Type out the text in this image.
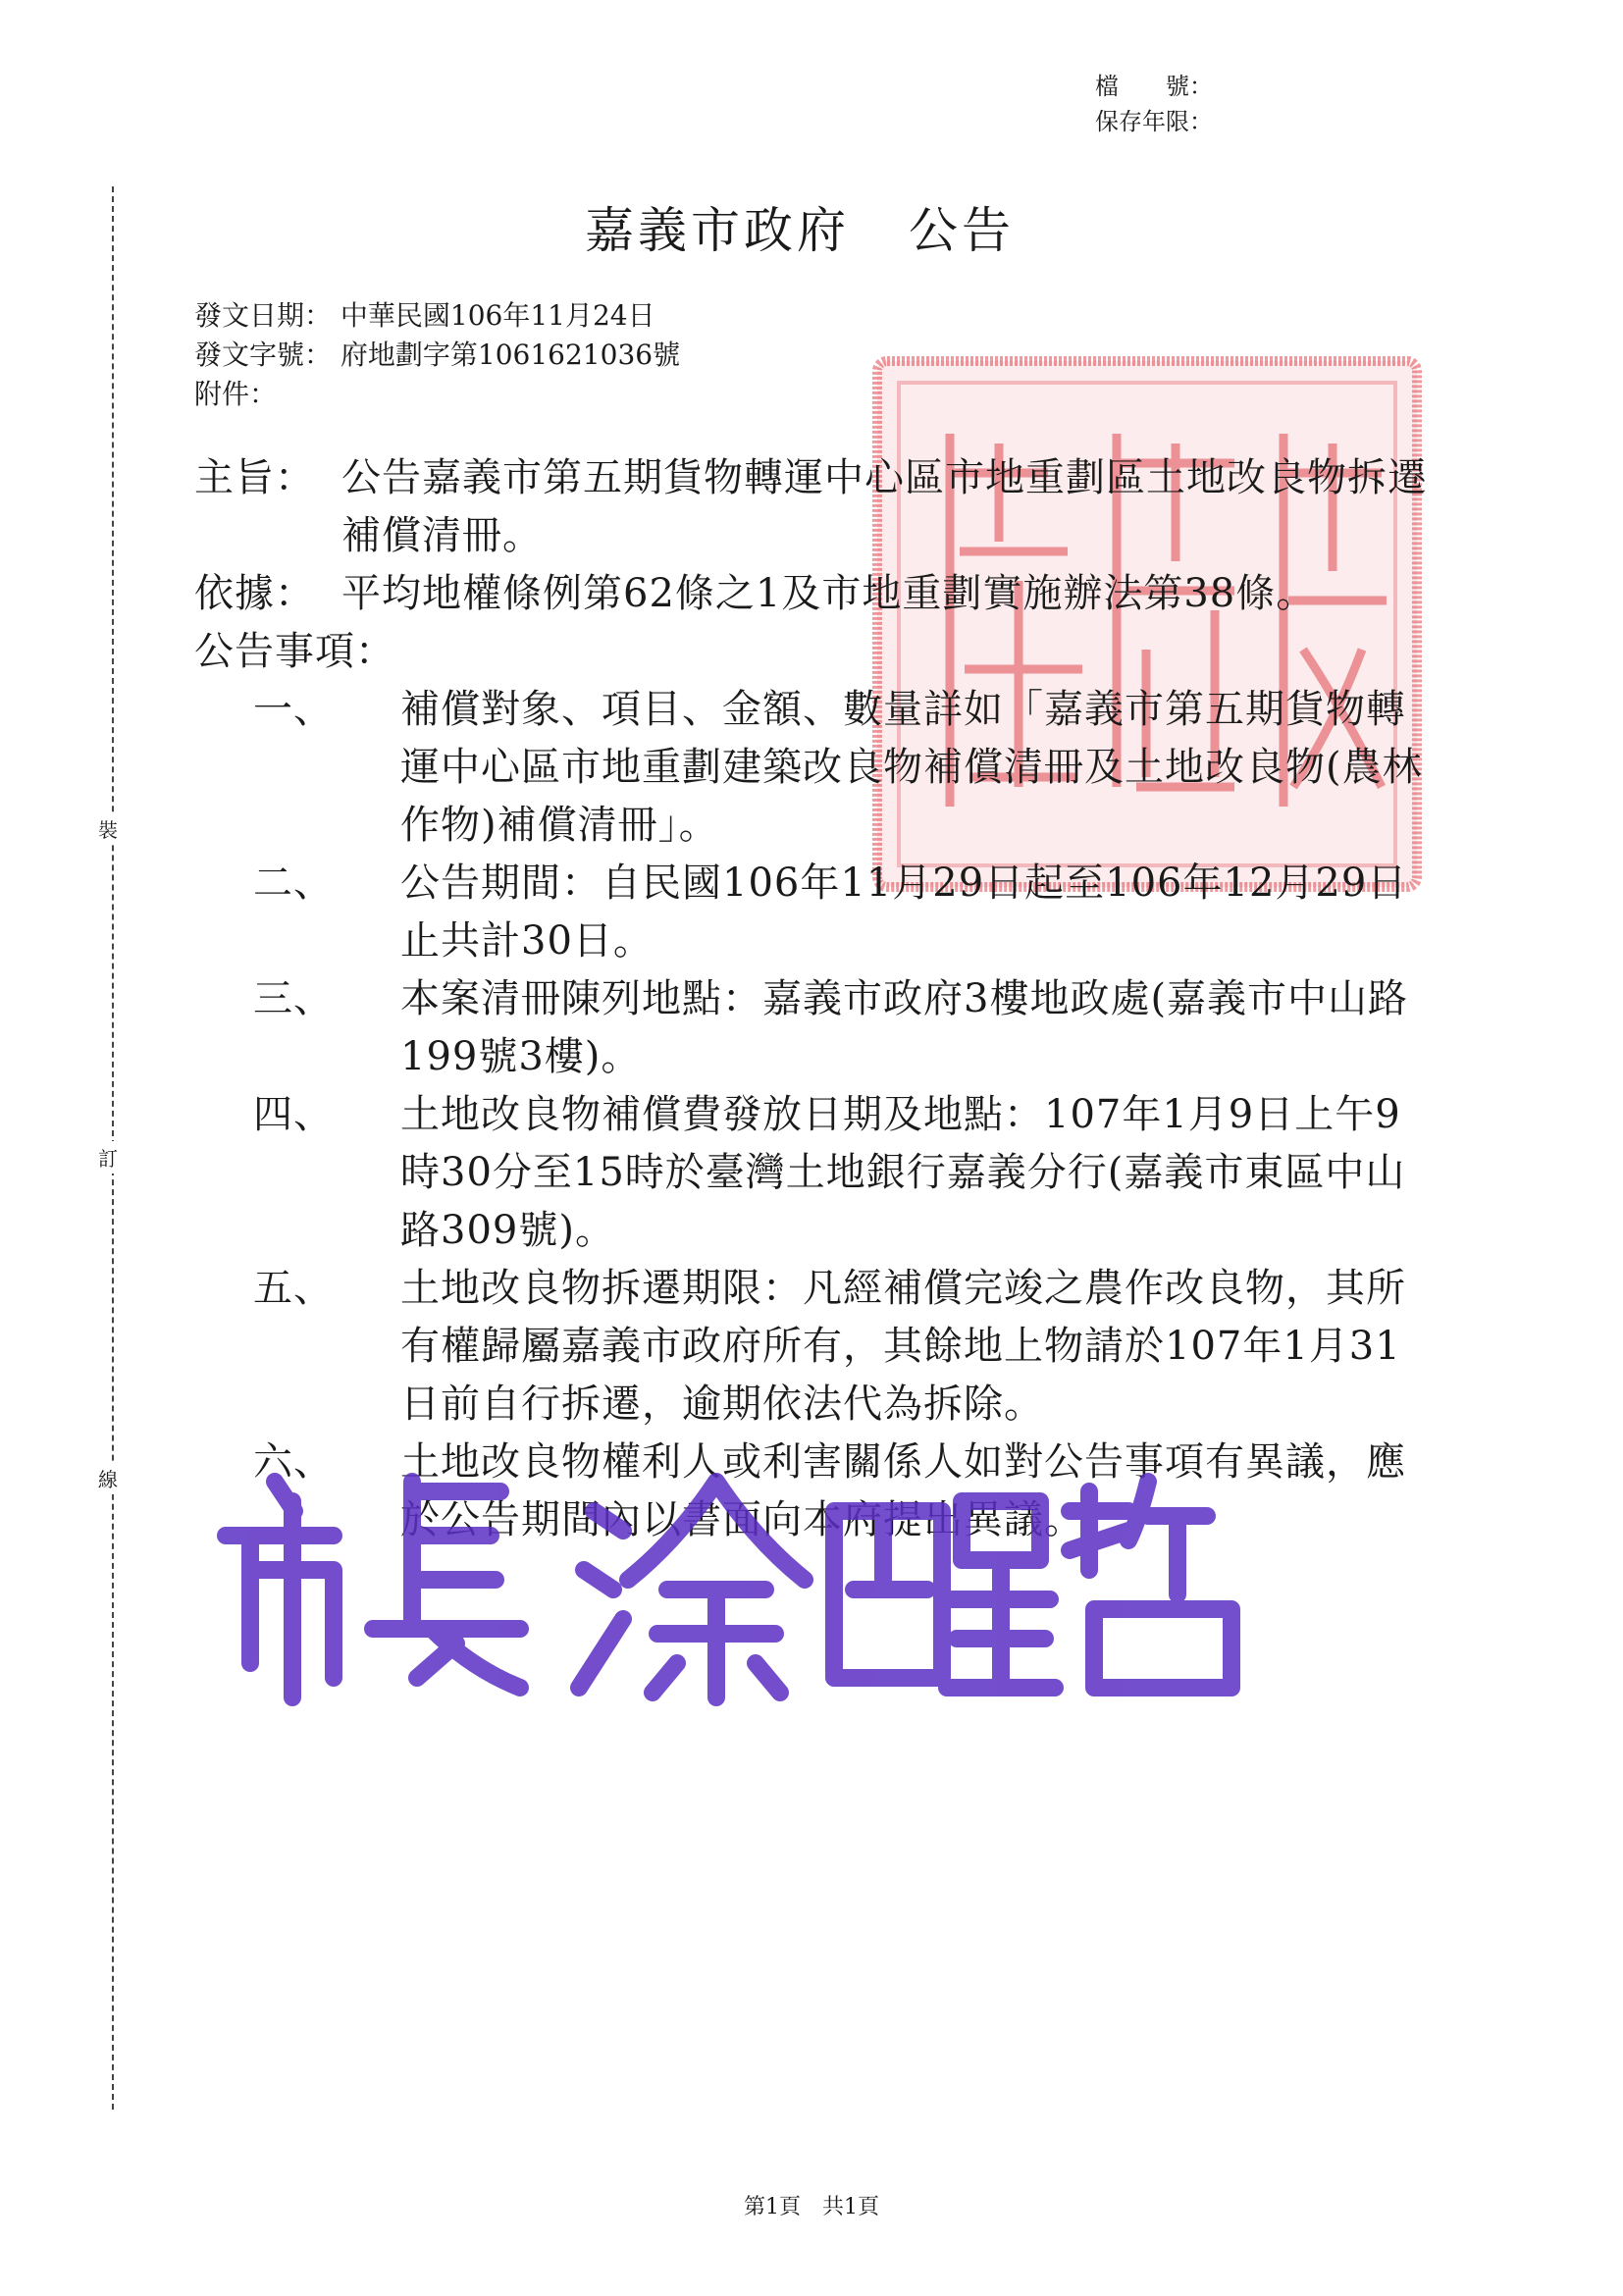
檔　　號：
保存年限：
裝
訂
線
嘉義市政府 公告
發文日期： 中華民國106年11月24日
發文字號： 府地劃字第1061621036號
附件：
主旨： 公告嘉義市第五期貨物轉運中心區市地重劃區土地改良物拆遷補償清冊。
依據： 平均地權條例第62條之1及市地重劃實施辦法第38條。
公告事項：
一、	補償對象、項目、金額、數量詳如「嘉義市第五期貨物轉運中心區市地重劃建築改良物補償清冊及土地改良物(農林作物)補償清冊」。
二、	公告期間：自民國106年11月29日起至106年12月29日止共計30日。
三、	本案清冊陳列地點：嘉義市政府3樓地政處(嘉義市中山路199號3樓)。
四、	土地改良物補償費發放日期及地點：107年1月9日上午9時30分至15時於臺灣土地銀行嘉義分行(嘉義市東區中山路309號)。
五、	土地改良物拆遷期限：凡經補償完竣之農作改良物，其所有權歸屬嘉義市政府所有，其餘地上物請於107年1月31日前自行拆遷，逾期依法代為拆除。
六、	土地改良物權利人或利害關係人如對公告事項有異議，應於公告期間內以書面向本府提出異議。
第1頁　共1頁
